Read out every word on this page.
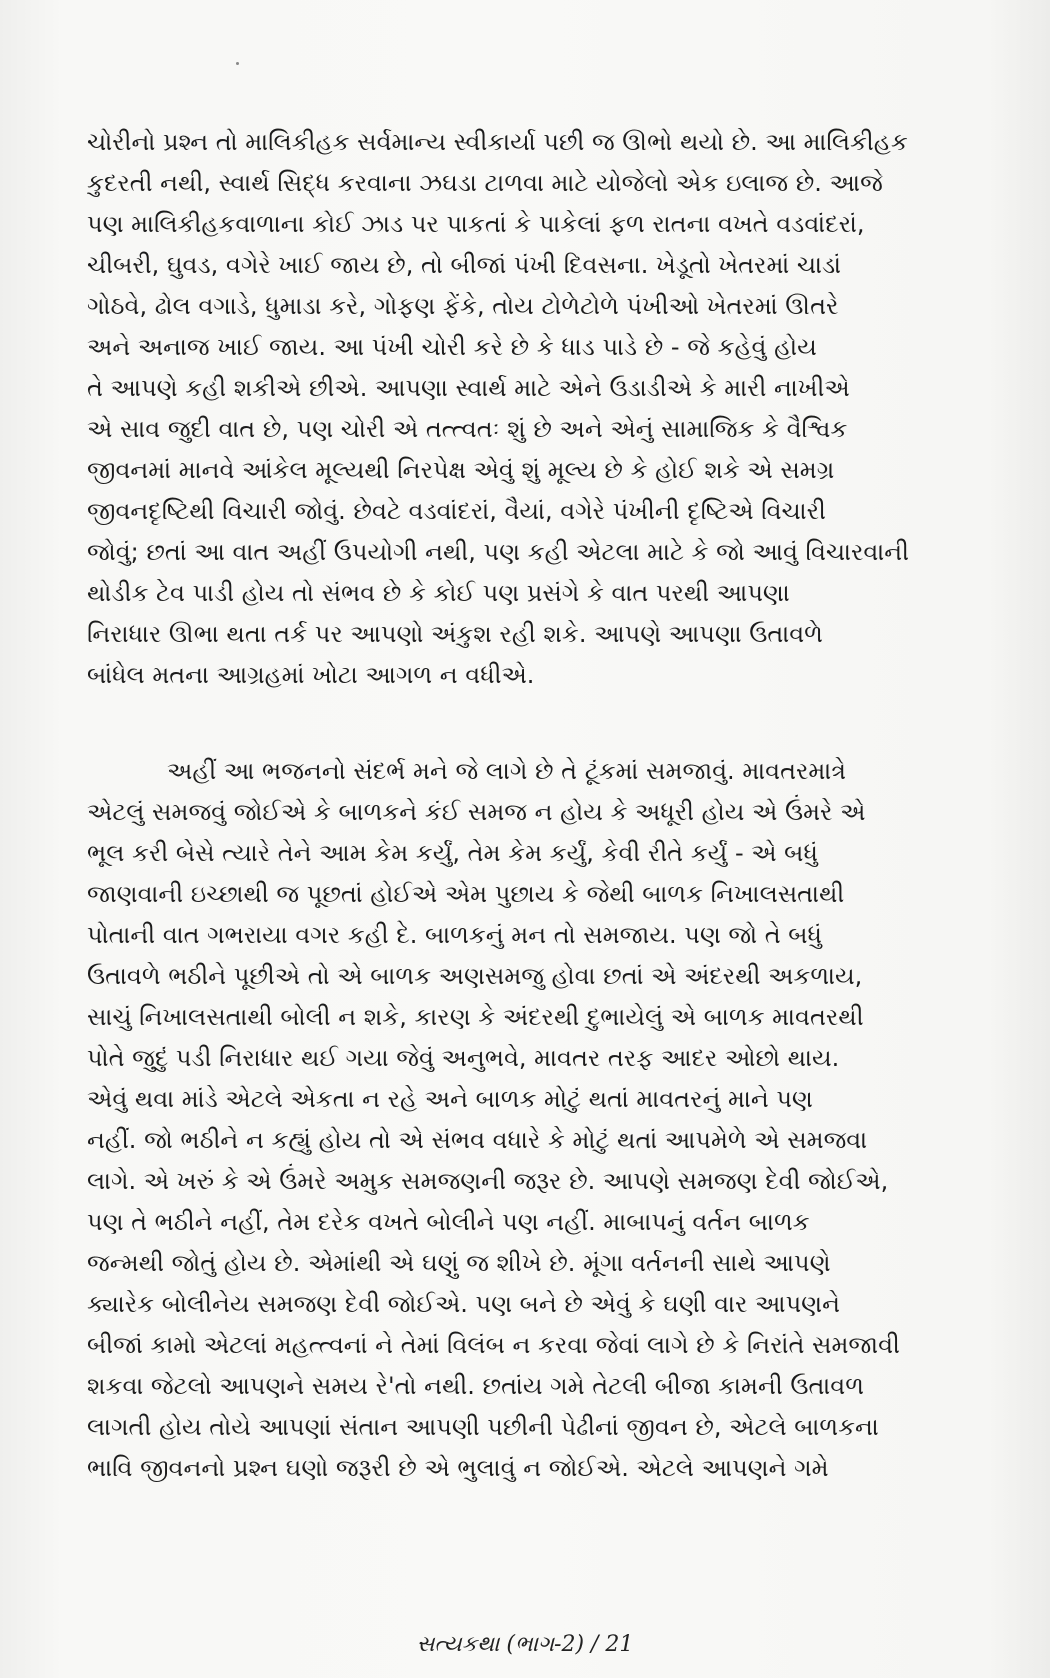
ચોરીનો પ્રશ્ન તો માલિકીહક સર્વમાન્ય સ્વીકાર્યા પછી જ ઊભો થયો છે. આ માલિકીહક
કુદરતી નથી, સ્વાર્થ સિદ્ધ કરવાના ઝઘડા ટાળવા માટે યોજેલો એક ઇલાજ છે. આજે
પણ માલિકીહકવાળાના કોઈ ઝાડ પર પાકતાં કે પાકેલાં ફળ રાતના વખતે વડવાંદરાં,
ચીબરી, ઘુવડ, વગેરે ખાઈ જાય છે, તો બીજાં પંખી દિવસના. ખેડૂતો ખેતરમાં ચાડાં
ગોઠવે, ઢોલ વગાડે, ધુમાડા કરે, ગોફણ ફેંકે, તોય ટોળેટોળે પંખીઓ ખેતરમાં ઊતરે
અને અનાજ ખાઈ જાય. આ પંખી ચોરી કરે છે કે ધાડ પાડે છે - જે કહેવું હોય
તે આપણે કહી શકીએ છીએ. આપણા સ્વાર્થ માટે એને ઉડાડીએ કે મારી નાખીએ
એ સાવ જુદી વાત છે, પણ ચોરી એ તત્ત્વતઃ શું છે અને એનું સામાજિક કે વૈશ્વિક
જીવનમાં માનવે આંકેલ મૂલ્યથી નિરપેક્ષ એવું શું મૂલ્ય છે કે હોઈ શકે એ સમગ્ર
જીવનદૃષ્ટિથી વિચારી જોવું. છેવટે વડવાંદરાં, વૈયાં, વગેરે પંખીની દૃષ્ટિએ વિચારી
જોવું; છતાં આ વાત અહીં ઉપયોગી નથી, પણ કહી એટલા માટે કે જો આવું વિચારવાની
થોડીક ટેવ પાડી હોય તો સંભવ છે કે કોઈ પણ પ્રસંગે કે વાત પરથી આપણા
નિરાધાર ઊભા થતા તર્ક પર આપણો અંકુશ રહી શકે. આપણે આપણા ઉતાવળે
બાંધેલ મતના આગ્રહમાં ખોટા આગળ ન વધીએ.
અહીં આ ભજનનો સંદર્ભ મને જે લાગે છે તે ટૂંકમાં સમજાવું. માવતરમાત્રે
એટલું સમજવું જોઈએ કે બાળકને કંઈ સમજ ન હોય કે અધૂરી હોય એ ઉંમરે એ
ભૂલ કરી બેસે ત્યારે તેને આમ કેમ કર્યું, તેમ કેમ કર્યું, કેવી રીતે કર્યું - એ બધું
જાણવાની ઇચ્છાથી જ પૂછતાં હોઈએ એમ પુછાય કે જેથી બાળક નિખાલસતાથી
પોતાની વાત ગભરાયા વગર કહી દે. બાળકનું મન તો સમજાય. પણ જો તે બધું
ઉતાવળે ભઠીને પૂછીએ તો એ બાળક અણસમજુ હોવા છતાં એ અંદરથી અકળાય,
સાચું નિખાલસતાથી બોલી ન શકે, કારણ કે અંદરથી દુભાયેલું એ બાળક માવતરથી
પોતે જુદું પડી નિરાધાર થઈ ગયા જેવું અનુભવે, માવતર તરફ આદર ઓછો થાય.
એવું થવા માંડે એટલે એકતા ન રહે અને બાળક મોટું થતાં માવતરનું માને પણ
નહીં. જો ભઠીને ન કહ્યું હોય તો એ સંભવ વધારે કે મોટું થતાં આપમેળે એ સમજવા
લાગે. એ ખરું કે એ ઉંમરે અમુક સમજણની જરૂર છે. આપણે સમજણ દેવી જોઈએ,
પણ તે ભઠીને નહીં, તેમ દરેક વખતે બોલીને પણ નહીં. માબાપનું વર્તન બાળક
જન્મથી જોતું હોય છે. એમાંથી એ ઘણું જ શીખે છે. મૂંગા વર્તનની સાથે આપણે
ક્યારેક બોલીનેય સમજણ દેવી જોઈએ. પણ બને છે એવું કે ઘણી વાર આપણને
બીજાં કામો એટલાં મહત્ત્વનાં ને તેમાં વિલંબ ન કરવા જેવાં લાગે છે કે નિરાંતે સમજાવી
શકવા જેટલો આપણને સમય રે'તો નથી. છતાંય ગમે તેટલી બીજા કામની ઉતાવળ
લાગતી હોય તોયે આપણાં સંતાન આપણી પછીની પેઢીનાં જીવન છે, એટલે બાળકના
ભાવિ જીવનનો પ્રશ્ન ઘણો જરૂરી છે એ ભુલાવું ન જોઈએ. એટલે આપણને ગમે
સત્યકથા (ભાગ-2) / 21
